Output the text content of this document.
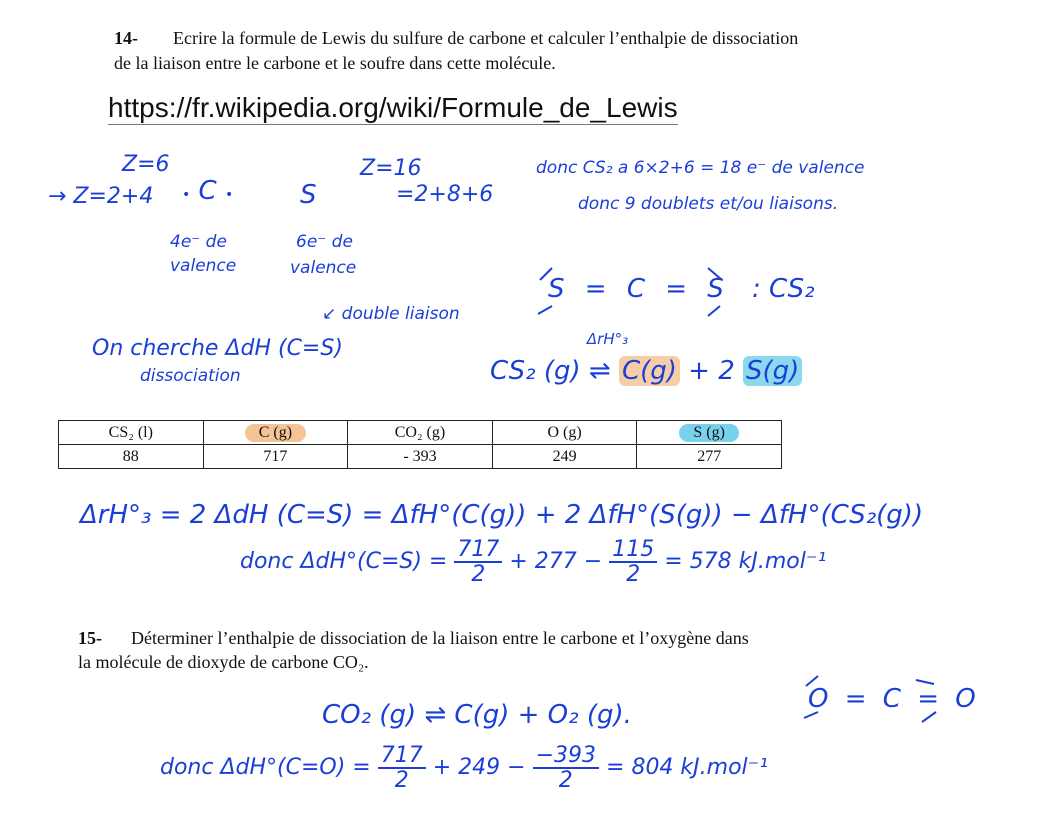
14- Ecrire la formule de Lewis du sulfure de carbone et calculer l’enthalpie de dissociation
de la liaison entre le carbone et le soufre dans cette molécule.
https://fr.wikipedia.org/wiki/Formule_de_Lewis
Z=6
→ Z=2+4 • C •
4e⁻ de
valence
S
Z=16
=2+8+6
6e⁻ de
valence
donc CS₂ a 6×2+6 = 18 e⁻ de valence
donc 9 doublets et/ou liaisons.
S = C = S : CS₂
↙ double liaison
On cherche ΔdH (C=S)
dissociation	CS₂ (g)
ΔrH°₃
⇌ C(g) + 2 S(g)
CS₂ (l)	C (g)	CO₂ (g)	O (g)	S (g)
88	717	- 393	249	277
ΔrH°₃ = 2 ΔdH (C=S) = ΔfH°(C(g)) + 2 ΔfH°(S(g)) − ΔfH°(CS₂(g))
donc $\Delta dH^\circ(C=S) = \frac{717}{2} + 277 - \frac{115}{2} = 578$ kJ.mol⁻¹
15- Déterminer l’enthalpie de dissociation de la liaison entre le carbone et l’oxygène dans
la molécule de dioxyde de carbone CO₂.
CO₂ (g) ⇌ C(g) + O₂ (g).
O = C = O
donc $\Delta dH^\circ(C=O) = \frac{717}{2} + 249 - \frac{-393}{2} = 804$ kJ.mol⁻¹
